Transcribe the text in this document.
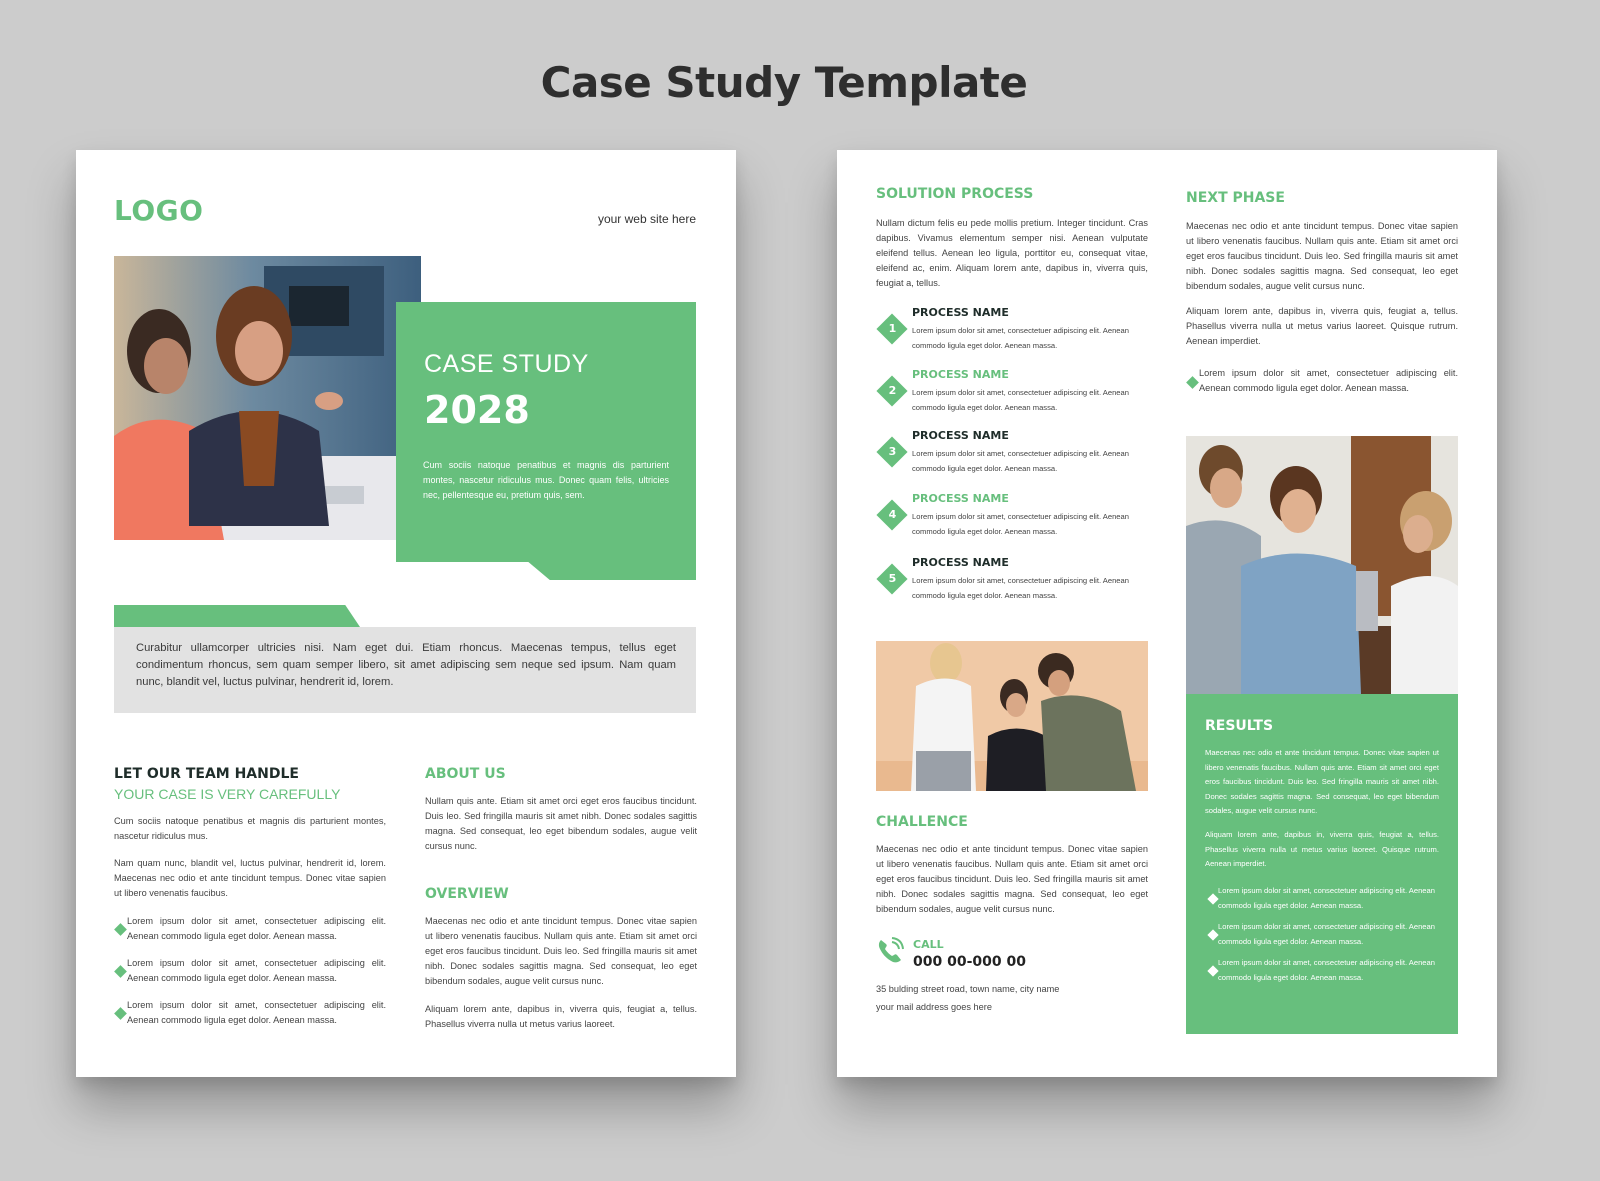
Case Study Template
LOGO	your web site here
CASE STUDY
2028
Cum sociis natoque penatibus et magnis dis parturient montes, nascetur ridiculus mus. Donec quam felis, ultricies nec, pellentesque eu, pretium quis, sem.
Curabitur ullamcorper ultricies nisi. Nam eget dui. Etiam rhoncus. Maecenas tempus, tellus eget condimentum rhoncus, sem quam semper libero, sit amet adipiscing sem neque sed ipsum. Nam quam nunc, blandit vel, luctus pulvinar, hendrerit id, lorem.
LET OUR TEAM HANDLE
YOUR CASE IS VERY CAREFULLY
Cum sociis natoque penatibus et magnis dis parturient montes, nascetur ridiculus mus.
Nam quam nunc, blandit vel, luctus pulvinar, hendrerit id, lorem. Maecenas nec odio et ante tincidunt tempus. Donec vitae sapien ut libero venenatis faucibus.
Lorem ipsum dolor sit amet, consectetuer adipiscing elit. Aenean commodo ligula eget dolor. Aenean massa.
Lorem ipsum dolor sit amet, consectetuer adipiscing elit. Aenean commodo ligula eget dolor. Aenean massa.
Lorem ipsum dolor sit amet, consectetuer adipiscing elit. Aenean commodo ligula eget dolor. Aenean massa.
ABOUT US
Nullam quis ante. Etiam sit amet orci eget eros faucibus tincidunt. Duis leo. Sed fringilla mauris sit amet nibh. Donec sodales sagittis magna. Sed consequat, leo eget bibendum sodales, augue velit cursus nunc.
OVERVIEW
Maecenas nec odio et ante tincidunt tempus. Donec vitae sapien ut libero venenatis faucibus. Nullam quis ante. Etiam sit amet orci eget eros faucibus tincidunt. Duis leo. Sed fringilla mauris sit amet nibh. Donec sodales sagittis magna. Sed consequat, leo eget bibendum sodales, augue velit cursus nunc.
Aliquam lorem ante, dapibus in, viverra quis, feugiat a, tellus. Phasellus viverra nulla ut metus varius laoreet.
SOLUTION PROCESS
Nullam dictum felis eu pede mollis pretium. Integer tincidunt. Cras dapibus. Vivamus elementum semper nisi. Aenean vulputate eleifend tellus. Aenean leo ligula, porttitor eu, consequat vitae, eleifend ac, enim. Aliquam lorem ante, dapibus in, viverra quis, feugiat a, tellus.
1
PROCESS NAME
Lorem ipsum dolor sit amet, consectetuer adipiscing elit. Aenean commodo ligula eget dolor. Aenean massa.
2
PROCESS NAME
Lorem ipsum dolor sit amet, consectetuer adipiscing elit. Aenean commodo ligula eget dolor. Aenean massa.
3
PROCESS NAME
Lorem ipsum dolor sit amet, consectetuer adipiscing elit. Aenean commodo ligula eget dolor. Aenean massa.
4
PROCESS NAME
Lorem ipsum dolor sit amet, consectetuer adipiscing elit. Aenean commodo ligula eget dolor. Aenean massa.
5
PROCESS NAME
Lorem ipsum dolor sit amet, consectetuer adipiscing elit. Aenean commodo ligula eget dolor. Aenean massa.
CHALLENCE
Maecenas nec odio et ante tincidunt tempus. Donec vitae sapien ut libero venenatis faucibus. Nullam quis ante. Etiam sit amet orci eget eros faucibus tincidunt. Duis leo. Sed fringilla mauris sit amet nibh. Donec sodales sagittis magna. Sed consequat, leo eget bibendum sodales, augue velit cursus nunc.
CALL
000 00-000 00
35 bulding street road, town name, city name
your mail address goes here
NEXT PHASE
Maecenas nec odio et ante tincidunt tempus. Donec vitae sapien ut libero venenatis faucibus. Nullam quis ante. Etiam sit amet orci eget eros faucibus tincidunt. Duis leo. Sed fringilla mauris sit amet nibh. Donec sodales sagittis magna. Sed consequat, leo eget bibendum sodales, augue velit cursus nunc.
Aliquam lorem ante, dapibus in, viverra quis, feugiat a, tellus. Phasellus viverra nulla ut metus varius laoreet. Quisque rutrum. Aenean imperdiet.
Lorem ipsum dolor sit amet, consectetuer adipiscing elit. Aenean commodo ligula eget dolor. Aenean massa.
RESULTS
Maecenas nec odio et ante tincidunt tempus. Donec vitae sapien ut libero venenatis faucibus. Nullam quis ante. Etiam sit amet orci eget eros faucibus tincidunt. Duis leo. Sed fringilla mauris sit amet nibh. Donec sodales sagittis magna. Sed consequat, leo eget bibendum sodales, augue velit cursus nunc.
Aliquam lorem ante, dapibus in, viverra quis, feugiat a, tellus. Phasellus viverra nulla ut metus varius laoreet. Quisque rutrum. Aenean imperdiet.
Lorem ipsum dolor sit amet, consectetuer adipiscing elit. Aenean commodo ligula eget dolor. Aenean massa.
Lorem ipsum dolor sit amet, consectetuer adipiscing elit. Aenean commodo ligula eget dolor. Aenean massa.
Lorem ipsum dolor sit amet, consectetuer adipiscing elit. Aenean commodo ligula eget dolor. Aenean massa.
